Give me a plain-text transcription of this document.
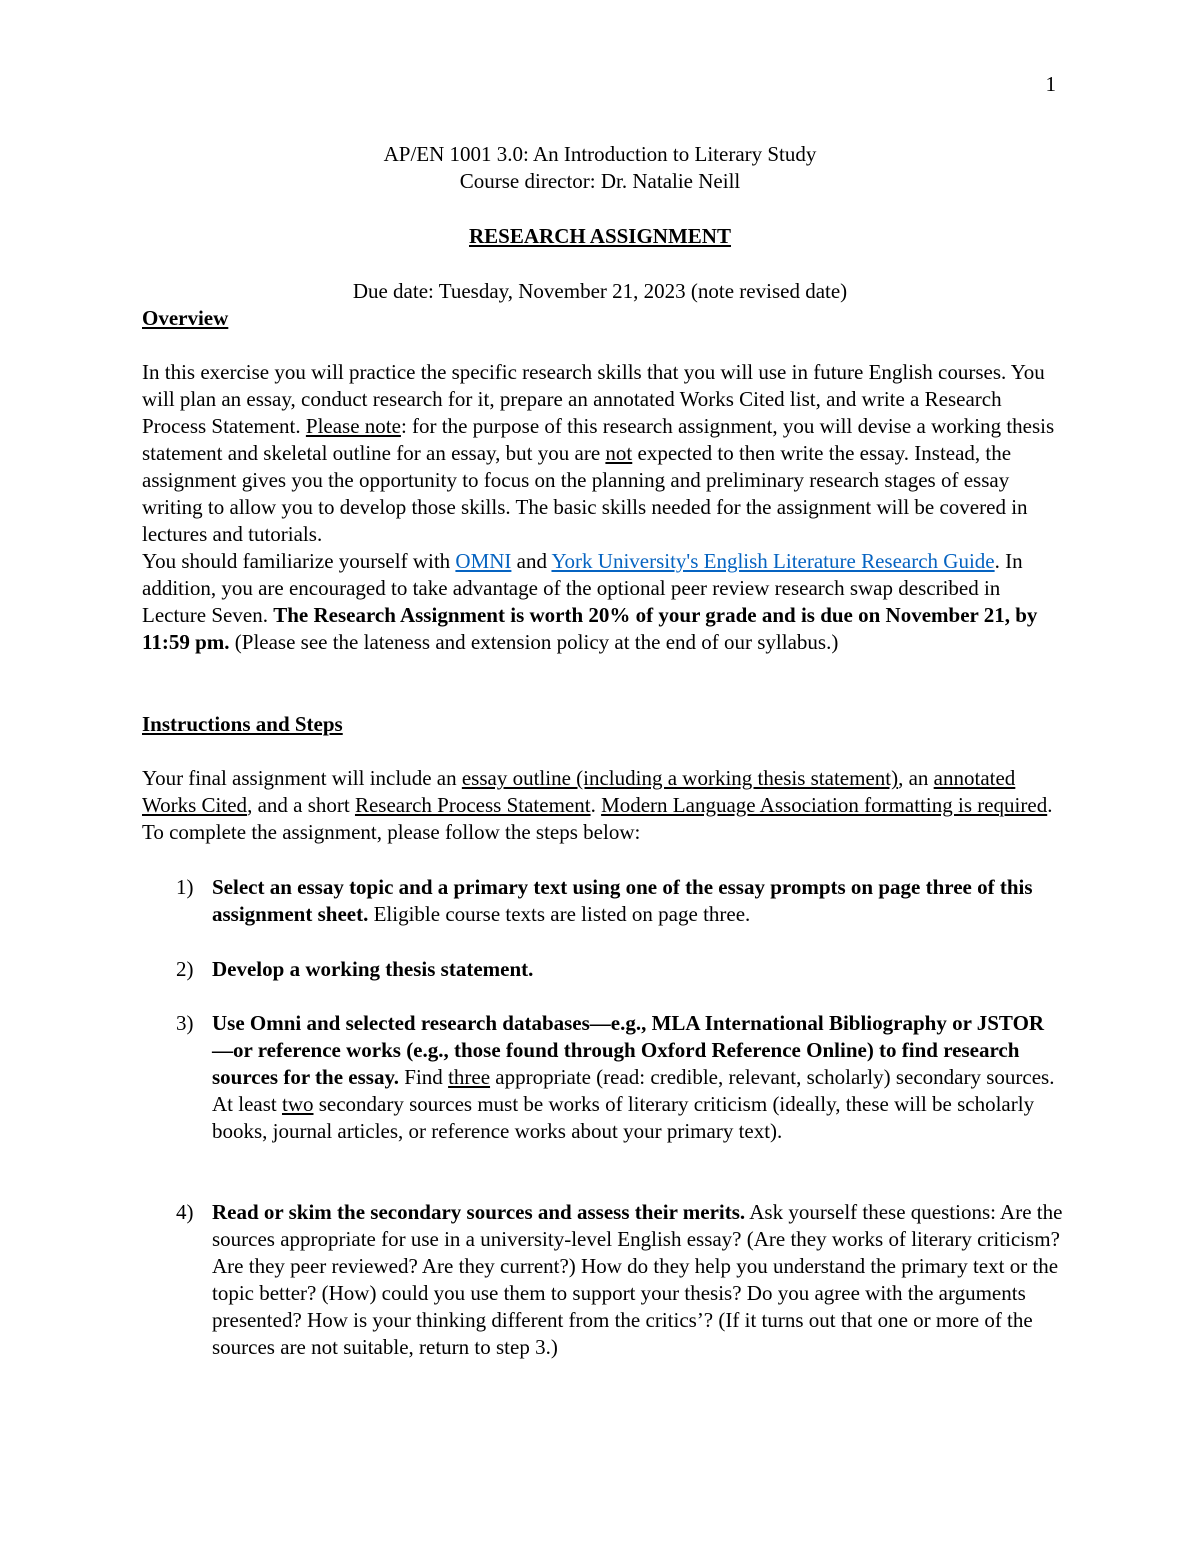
1
AP/EN 1001 3.0: An Introduction to Literary Study
Course director: Dr. Natalie Neill
RESEARCH ASSIGNMENT
Due date: Tuesday, November 21, 2023 (note revised date)
Overview

In this exercise you will practice the specific research skills that you will use in future English courses. You will plan an essay, conduct research for it, prepare an annotated Works Cited list, and write a Research Process Statement. Please note: for the purpose of this research assignment, you will devise a working thesis statement and skeletal outline for an essay, but you are not expected to then write the essay. Instead, the assignment gives you the opportunity to focus on the planning and preliminary research stages of essay writing to allow you to develop those skills. The basic skills needed for the assignment will be covered in lectures and tutorials.
You should familiarize yourself with OMNI and York University's English Literature Research Guide. In addition, you are encouraged to take advantage of the optional peer review research swap described in Lecture Seven. The Research Assignment is worth 20% of your grade and is due on November 21, by 11:59 pm. (Please see the lateness and extension policy at the end of our syllabus.)

Instructions and Steps

Your final assignment will include an essay outline (including a working thesis statement), an annotated Works Cited, and a short Research Process Statement. Modern Language Association formatting is required. To complete the assignment, please follow the steps below:

1) Select an essay topic and a primary text using one of the essay prompts on page three of this assignment sheet. Eligible course texts are listed on page three.
2) Develop a working thesis statement.
3) Use Omni and selected research databases—e.g., MLA International Bibliography or JSTOR—or reference works (e.g., those found through Oxford Reference Online) to find research sources for the essay. Find three appropriate (read: credible, relevant, scholarly) secondary sources. At least two secondary sources must be works of literary criticism (ideally, these will be scholarly books, journal articles, or reference works about your primary text).
4) Read or skim the secondary sources and assess their merits. Ask yourself these questions: Are the sources appropriate for use in a university-level English essay? (Are they works of literary criticism? Are they peer reviewed? Are they current?) How do they help you understand the primary text or the topic better? (How) could you use them to support your thesis? Do you agree with the arguments presented? How is your thinking different from the critics’? (If it turns out that one or more of the sources are not suitable, return to step 3.)
